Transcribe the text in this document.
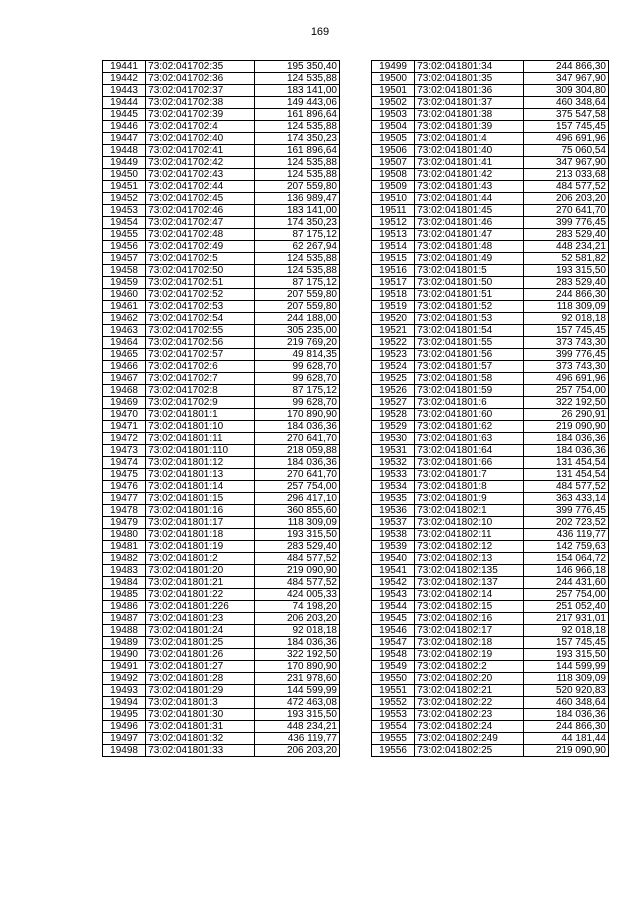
169
19441	73:02:041702:35	195 350,40
19442	73:02:041702:36	124 535,88
19443	73:02:041702:37	183 141,00
19444	73:02:041702:38	149 443,06
19445	73:02:041702:39	161 896,64
19446	73:02:041702:4	124 535,88
19447	73:02:041702:40	174 350,23
19448	73:02:041702:41	161 896,64
19449	73:02:041702:42	124 535,88
19450	73:02:041702:43	124 535,88
19451	73:02:041702:44	207 559,80
19452	73:02:041702:45	136 989,47
19453	73:02:041702:46	183 141,00
19454	73:02:041702:47	174 350,23
19455	73:02:041702:48	87 175,12
19456	73:02:041702:49	62 267,94
19457	73:02:041702:5	124 535,88
19458	73:02:041702:50	124 535,88
19459	73:02:041702:51	87 175,12
19460	73:02:041702:52	207 559,80
19461	73:02:041702:53	207 559,80
19462	73:02:041702:54	244 188,00
19463	73:02:041702:55	305 235,00
19464	73:02:041702:56	219 769,20
19465	73:02:041702:57	49 814,35
19466	73:02:041702:6	99 628,70
19467	73:02:041702:7	99 628,70
19468	73:02:041702:8	87 175,12
19469	73:02:041702:9	99 628,70
19470	73:02:041801:1	170 890,90
19471	73:02:041801:10	184 036,36
19472	73:02:041801:11	270 641,70
19473	73:02:041801:110	218 059,88
19474	73:02:041801:12	184 036,36
19475	73:02:041801:13	270 641,70
19476	73:02:041801:14	257 754,00
19477	73:02:041801:15	296 417,10
19478	73:02:041801:16	360 855,60
19479	73:02:041801:17	118 309,09
19480	73:02:041801:18	193 315,50
19481	73:02:041801:19	283 529,40
19482	73:02:041801:2	484 577,52
19483	73:02:041801:20	219 090,90
19484	73:02:041801:21	484 577,52
19485	73:02:041801:22	424 005,33
19486	73:02:041801:226	74 198,20
19487	73:02:041801:23	206 203,20
19488	73:02:041801:24	92 018,18
19489	73:02:041801:25	184 036,36
19490	73:02:041801:26	322 192,50
19491	73:02:041801:27	170 890,90
19492	73:02:041801:28	231 978,60
19493	73:02:041801:29	144 599,99
19494	73:02:041801:3	472 463,08
19495	73:02:041801:30	193 315,50
19496	73:02:041801:31	448 234,21
19497	73:02:041801:32	436 119,77
19498	73:02:041801:33	206 203,20
19499	73:02:041801:34	244 866,30
19500	73:02:041801:35	347 967,90
19501	73:02:041801:36	309 304,80
19502	73:02:041801:37	460 348,64
19503	73:02:041801:38	375 547,58
19504	73:02:041801:39	157 745,45
19505	73:02:041801:4	496 691,96
19506	73:02:041801:40	75 060,54
19507	73:02:041801:41	347 967,90
19508	73:02:041801:42	213 033,68
19509	73:02:041801:43	484 577,52
19510	73:02:041801:44	206 203,20
19511	73:02:041801:45	270 641,70
19512	73:02:041801:46	399 776,45
19513	73:02:041801:47	283 529,40
19514	73:02:041801:48	448 234,21
19515	73:02:041801:49	52 581,82
19516	73:02:041801:5	193 315,50
19517	73:02:041801:50	283 529,40
19518	73:02:041801:51	244 866,30
19519	73:02:041801:52	118 309,09
19520	73:02:041801:53	92 018,18
19521	73:02:041801:54	157 745,45
19522	73:02:041801:55	373 743,30
19523	73:02:041801:56	399 776,45
19524	73:02:041801:57	373 743,30
19525	73:02:041801:58	496 691,96
19526	73:02:041801:59	257 754,00
19527	73:02:041801:6	322 192,50
19528	73:02:041801:60	26 290,91
19529	73:02:041801:62	219 090,90
19530	73:02:041801:63	184 036,36
19531	73:02:041801:64	184 036,36
19532	73:02:041801:66	131 454,54
19533	73:02:041801:7	131 454,54
19534	73:02:041801:8	484 577,52
19535	73:02:041801:9	363 433,14
19536	73:02:041802:1	399 776,45
19537	73:02:041802:10	202 723,52
19538	73:02:041802:11	436 119,77
19539	73:02:041802:12	142 759,63
19540	73:02:041802:13	154 064,72
19541	73:02:041802:135	146 966,18
19542	73:02:041802:137	244 431,60
19543	73:02:041802:14	257 754,00
19544	73:02:041802:15	251 052,40
19545	73:02:041802:16	217 931,01
19546	73:02:041802:17	92 018,18
19547	73:02:041802:18	157 745,45
19548	73:02:041802:19	193 315,50
19549	73:02:041802:2	144 599,99
19550	73:02:041802:20	118 309,09
19551	73:02:041802:21	520 920,83
19552	73:02:041802:22	460 348,64
19553	73:02:041802:23	184 036,36
19554	73:02:041802:24	244 866,30
19555	73:02:041802:249	44 181,44
19556	73:02:041802:25	219 090,90
